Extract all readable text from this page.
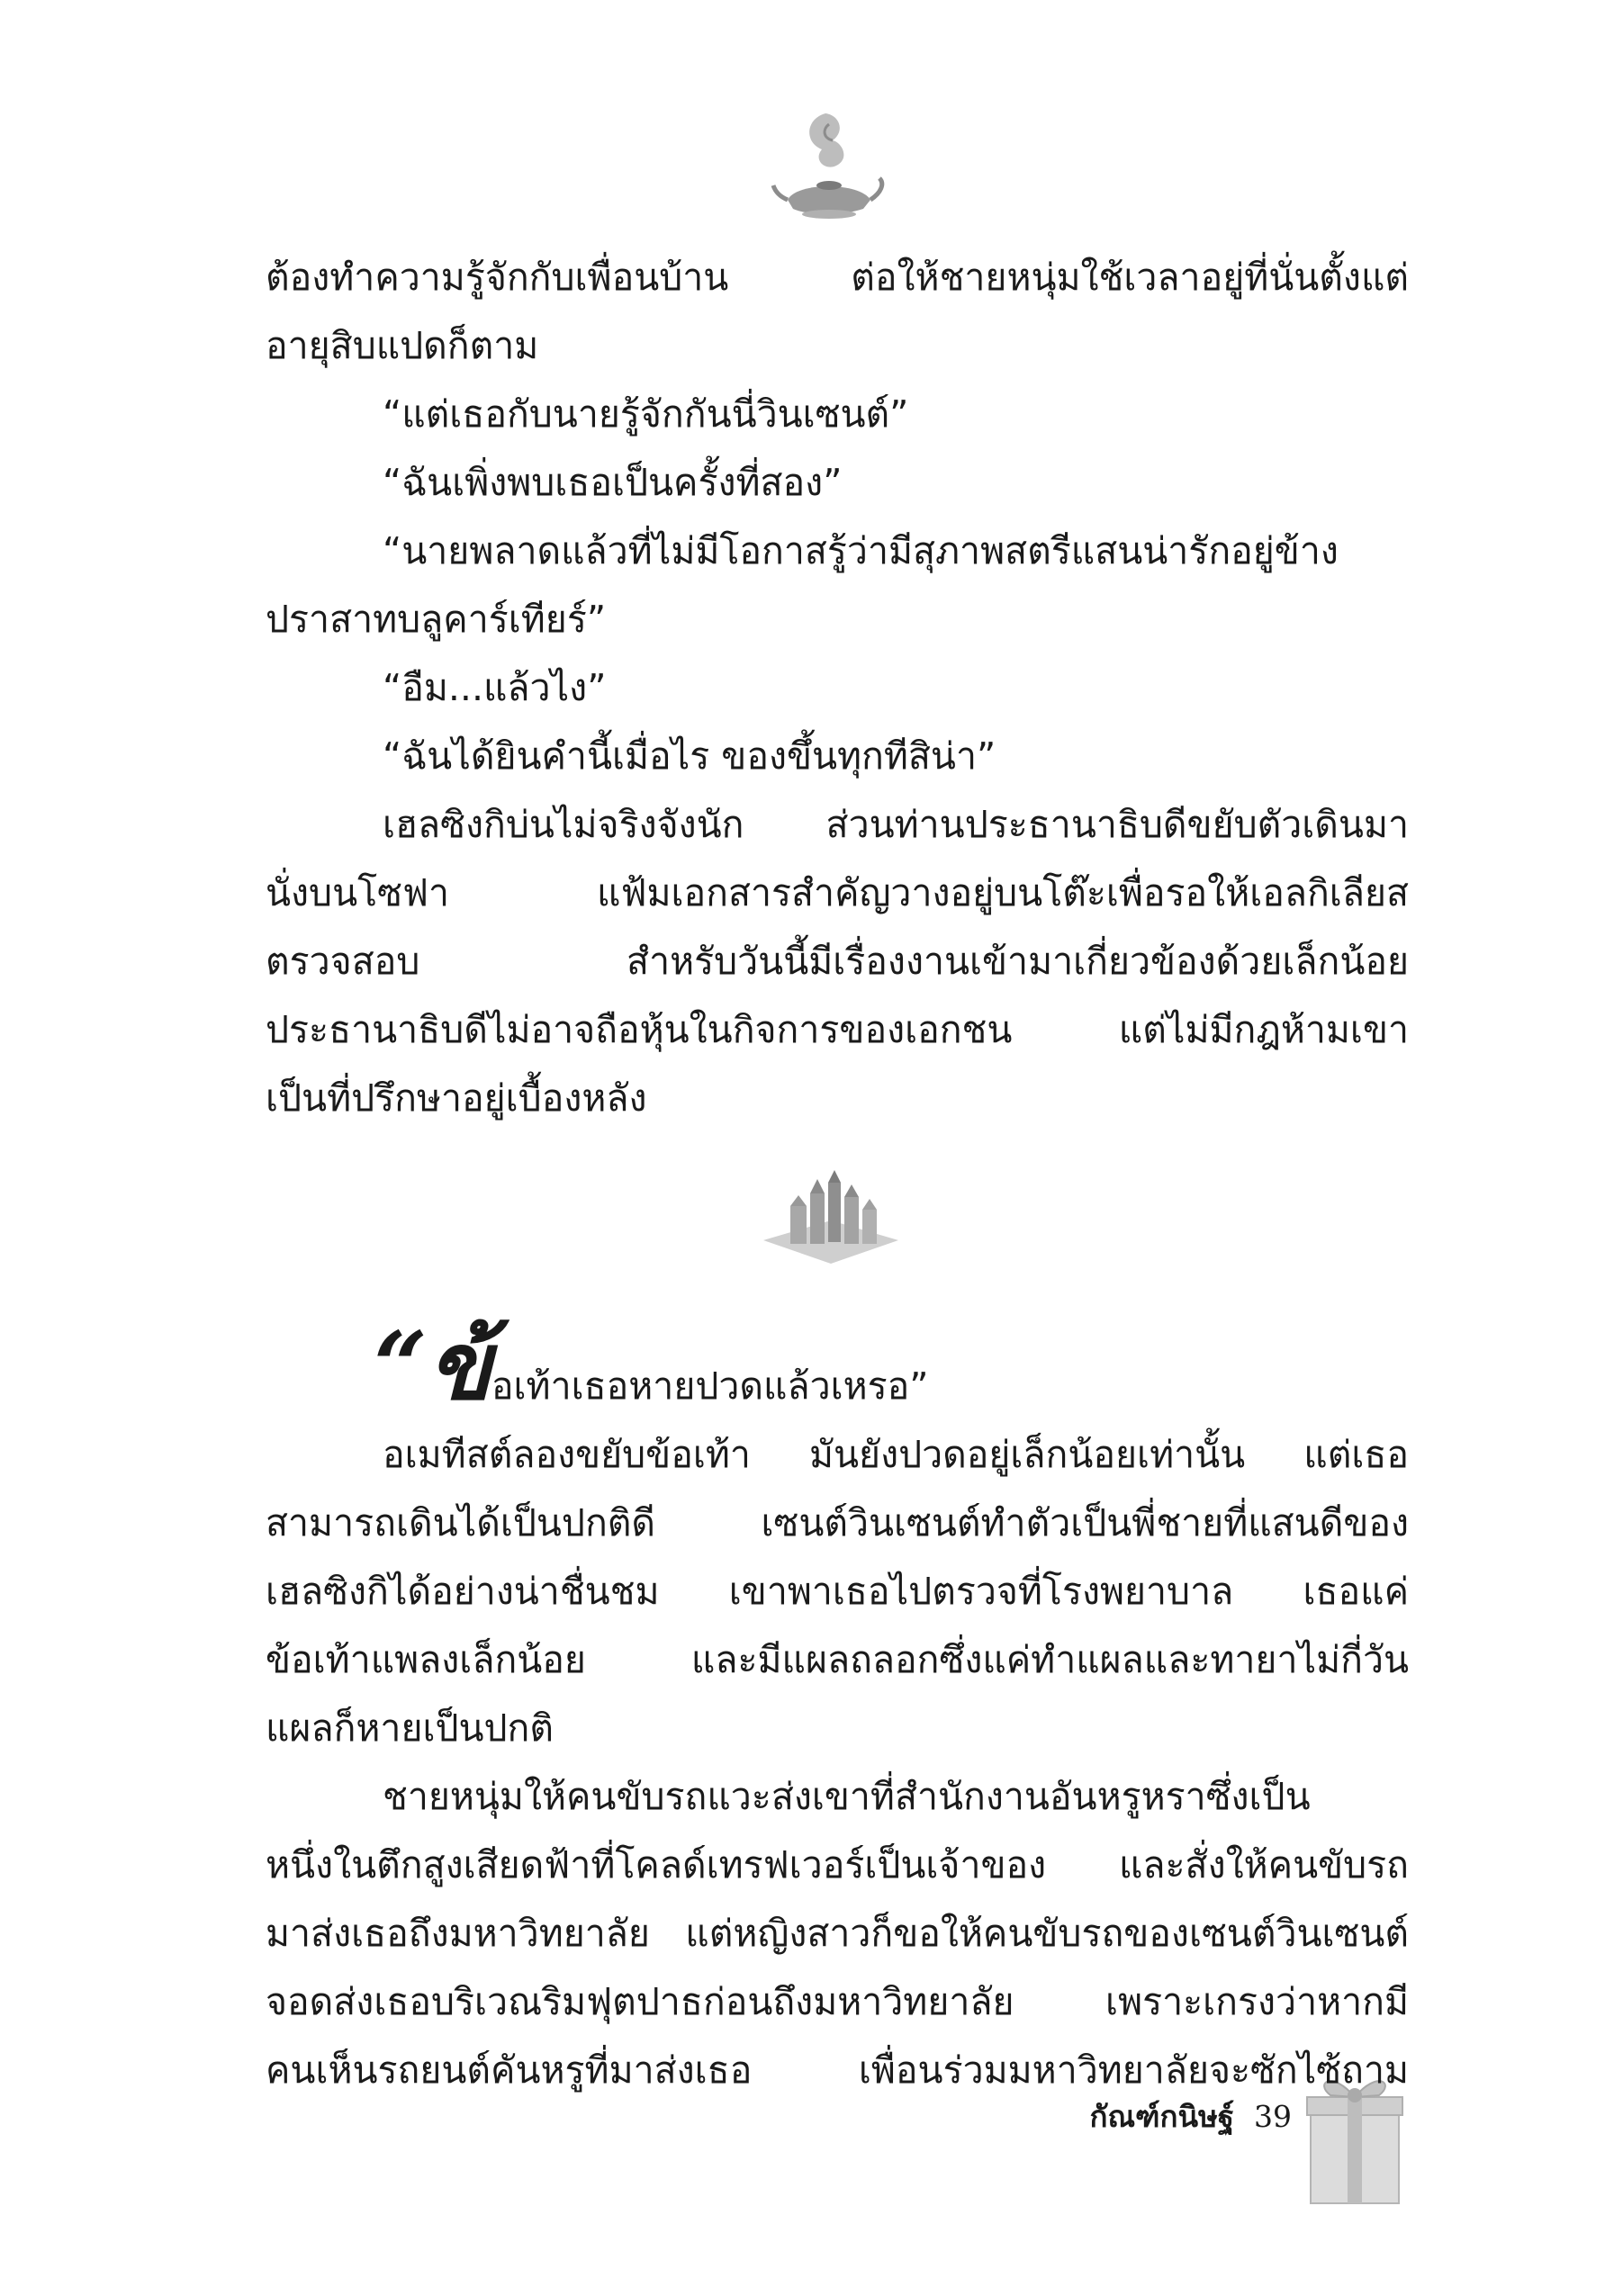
ต้องทำความรู้จักกับเพื่อนบ้าน ต่อให้ชายหนุ่มใช้เวลาอยู่ที่นั่นตั้งแต่
อายุสิบแปดก็ตาม
“แต่เธอกับนายรู้จักกันนี่วินเซนต์”
“ฉันเพิ่งพบเธอเป็นครั้งที่สอง”
“นายพลาดแล้วที่ไม่มีโอกาสรู้ว่ามีสุภาพสตรีแสนน่ารักอยู่ข้าง
ปราสาทบลูคาร์เทียร์”
“อืม...แล้วไง”
“ฉันได้ยินคำนี้เมื่อไร ของขึ้นทุกทีสิน่า”
เฮลซิงกิบ่นไม่จริงจังนัก ส่วนท่านประธานาธิบดีขยับตัวเดินมา
นั่งบนโซฟา แฟ้มเอกสารสำคัญวางอยู่บนโต๊ะเพื่อรอให้เอลกิเลียส
ตรวจสอบ สำหรับวันนี้มีเรื่องงานเข้ามาเกี่ยวข้องด้วยเล็กน้อย
ประธานาธิบดีไม่อาจถือหุ้นในกิจการของเอกชน แต่ไม่มีกฎห้ามเขา
เป็นที่ปรึกษาอยู่เบื้องหลัง
“ข้อเท้าเธอหายปวดแล้วเหรอ”
อเมทีสต์ลองขยับข้อเท้า มันยังปวดอยู่เล็กน้อยเท่านั้น แต่เธอ
สามารถเดินได้เป็นปกติดี เซนต์วินเซนต์ทำตัวเป็นพี่ชายที่แสนดีของ
เฮลซิงกิได้อย่างน่าชื่นชม เขาพาเธอไปตรวจที่โรงพยาบาล เธอแค่
ข้อเท้าแพลงเล็กน้อย และมีแผลถลอกซึ่งแค่ทำแผลและทายาไม่กี่วัน
แผลก็หายเป็นปกติ
ชายหนุ่มให้คนขับรถแวะส่งเขาที่สำนักงานอันหรูหราซึ่งเป็น
หนึ่งในตึกสูงเสียดฟ้าที่โคลด์เทรฟเวอร์เป็นเจ้าของ และสั่งให้คนขับรถ
มาส่งเธอถึงมหาวิทยาลัย แต่หญิงสาวก็ขอให้คนขับรถของเซนต์วินเซนต์
จอดส่งเธอบริเวณริมฟุตปาธก่อนถึงมหาวิทยาลัย เพราะเกรงว่าหากมี
คนเห็นรถยนต์คันหรูที่มาส่งเธอ เพื่อนร่วมมหาวิทยาลัยจะซักไซ้ถาม
กัณฑ์กนิษฐ์ 39
